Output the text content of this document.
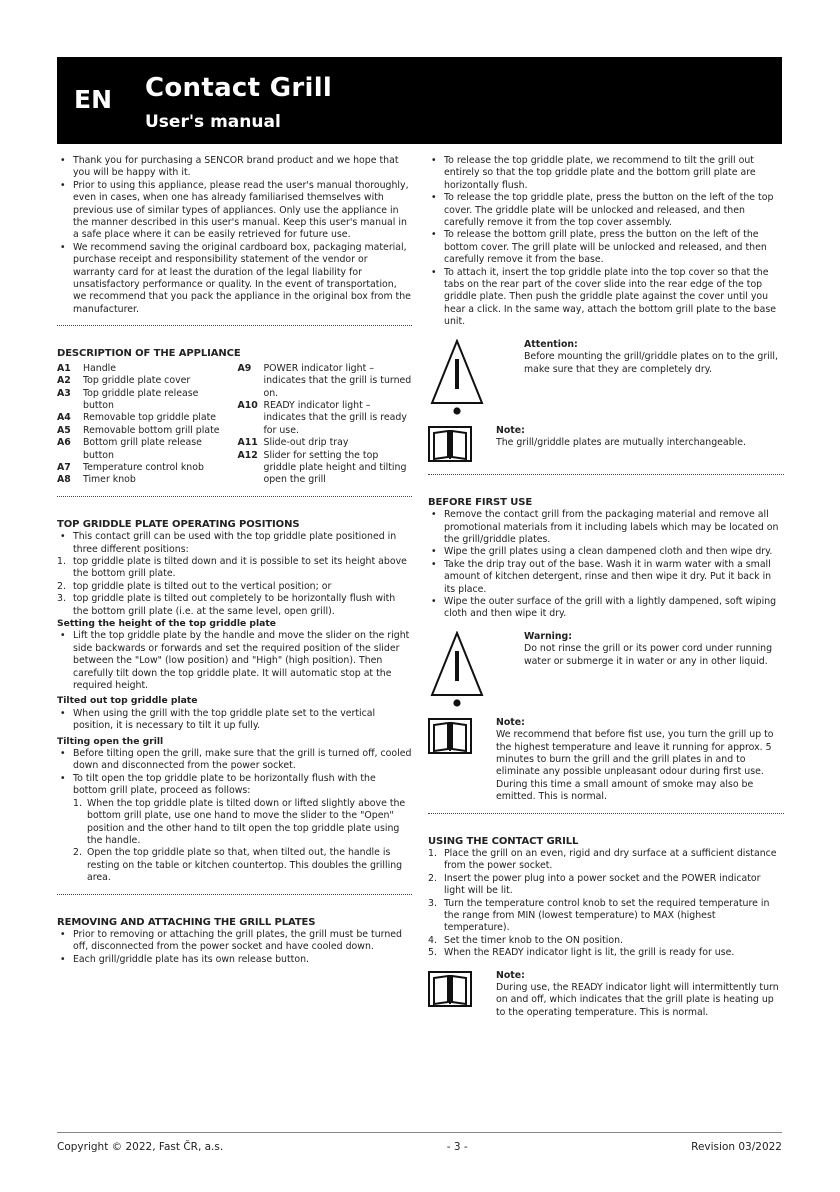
EN Contact Grill
User's manual

• Thank you for purchasing a SENCOR brand product and we hope that you will be happy with it.

• Prior to using this appliance, please read the user's manual thoroughly, even in cases, when one has already familiarised themselves with previous use of similar types of appliances. Only use the appliance in the manner described in this user's manual. Keep this user's manual in a safe place where it can be easily retrieved for future use.

• We recommend saving the original cardboard box, packaging material, purchase receipt and responsibility statement of the vendor or warranty card for at least the duration of the legal liability for unsatisfactory performance or quality. In the event of transportation, we recommend that you pack the appliance in the original box from the manufacturer.

DESCRIPTION OF THE APPLIANCE

A1 Handle
A2 Top griddle plate cover
A3 Top griddle plate release button
A4 Removable top griddle plate
A5 Removable bottom grill plate
A6 Bottom grill plate release button
A7 Temperature control knob
A8 Timer knob
A9 POWER indicator light – indicates that the grill is turned on.
A10 READY indicator light – indicates that the grill is ready for use.
A11 Slide-out drip tray
A12 Slider for setting the top griddle plate height and tilting open the grill

TOP GRIDDLE PLATE OPERATING POSITIONS

• This contact grill can be used with the top griddle plate positioned in three different positions:

1. top griddle plate is tilted down and it is possible to set its height above the bottom grill plate.

2. top griddle plate is tilted out to the vertical position; or

3. top griddle plate is tilted out completely to be horizontally flush with the bottom grill plate (i.e. at the same level, open grill).

Setting the height of the top griddle plate

• Lift the top griddle plate by the handle and move the slider on the right side backwards or forwards and set the required position of the slider between the "Low" (low position) and "High" (high position). Then carefully tilt down the top griddle plate. It will automatic stop at the required height.

Tilted out top griddle plate

• When using the grill with the top griddle plate set to the vertical position, it is necessary to tilt it up fully.

Tilting open the grill

• Before tilting open the grill, make sure that the grill is turned off, cooled down and disconnected from the power socket.

• To tilt open the top griddle plate to be horizontally flush with the bottom grill plate, proceed as follows:

1. When the top griddle plate is tilted down or lifted slightly above the bottom grill plate, use one hand to move the slider to the "Open" position and the other hand to tilt open the top griddle plate using the handle.

2. Open the top griddle plate so that, when tilted out, the handle is resting on the table or kitchen countertop. This doubles the grilling area.

REMOVING AND ATTACHING THE GRILL PLATES

• Prior to removing or attaching the grill plates, the grill must be turned off, disconnected from the power socket and have cooled down.

• Each grill/griddle plate has its own release button.

• To release the top griddle plate, we recommend to tilt the grill out entirely so that the top griddle plate and the bottom grill plate are horizontally flush.

• To release the top griddle plate, press the button on the left of the top cover. The griddle plate will be unlocked and released, and then carefully remove it from the top cover assembly.

• To release the bottom grill plate, press the button on the left of the bottom cover. The grill plate will be unlocked and released, and then carefully remove it from the base.

• To attach it, insert the top griddle plate into the top cover so that the tabs on the rear part of the cover slide into the rear edge of the top griddle plate. Then push the griddle plate against the cover until you hear a click. In the same way, attach the bottom grill plate to the base unit.

Attention:

Before mounting the grill/griddle plates on to the grill, make sure that they are completely dry.

Note:

The grill/griddle plates are mutually interchangeable.

BEFORE FIRST USE

• Remove the contact grill from the packaging material and remove all promotional materials from it including labels which may be located on the grill/griddle plates.

• Wipe the grill plates using a clean dampened cloth and then wipe dry.

• Take the drip tray out of the base. Wash it in warm water with a small amount of kitchen detergent, rinse and then wipe it dry. Put it back in its place.

• Wipe the outer surface of the grill with a lightly dampened, soft wiping cloth and then wipe it dry.

Warning:

Do not rinse the grill or its power cord under running water or submerge it in water or any in other liquid.

Note:

We recommend that before fist use, you turn the grill up to the highest temperature and leave it running for approx. 5 minutes to burn the grill and the grill plates in and to eliminate any possible unpleasant odour during first use. During this time a small amount of smoke may also be emitted. This is normal.

USING THE CONTACT GRILL

1. Place the grill on an even, rigid and dry surface at a sufficient distance from the power socket.

2. Insert the power plug into a power socket and the POWER indicator light will be lit.

3. Turn the temperature control knob to set the required temperature in the range from MIN (lowest temperature) to MAX (highest temperature).

4. Set the timer knob to the ON position.

5. When the READY indicator light is lit, the grill is ready for use.

Note:

During use, the READY indicator light will intermittently turn on and off, which indicates that the grill plate is heating up to the operating temperature. This is normal.

Copyright © 2022, Fast ČR, a.s.	- 3 -	Revision 03/2022
